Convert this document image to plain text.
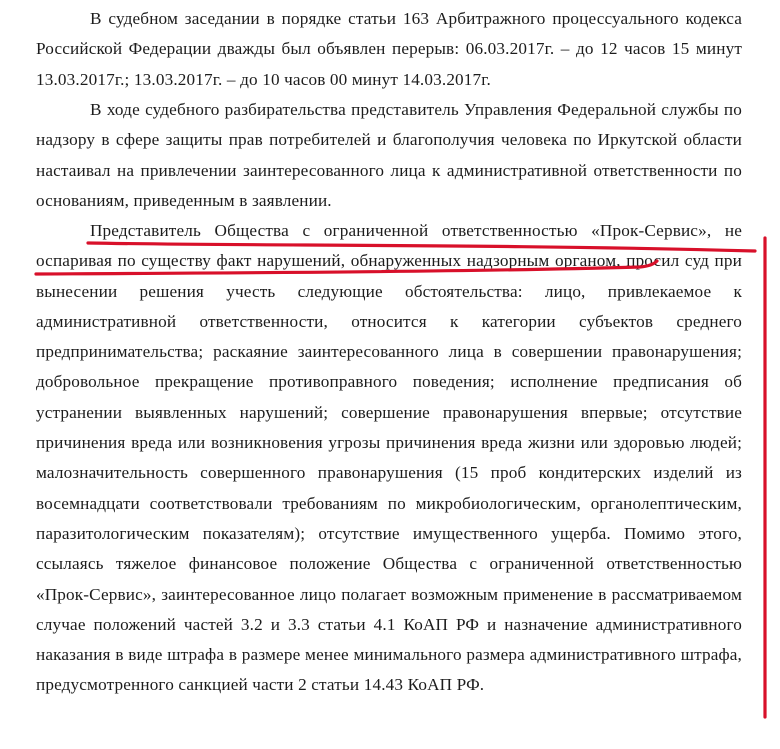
В судебном заседании в порядке статьи 163 Арбитражного процессуального кодекса Российской Федерации дважды был объявлен перерыв: 06.03.2017г. – до 12 часов 15 минут 13.03.2017г.; 13.03.2017г. – до 10 часов 00 минут 14.03.2017г.

В ходе судебного разбирательства представитель Управления Федеральной службы по надзору в сфере защиты прав потребителей и благополучия человека по Иркутской области настаивал на привлечении заинтересованного лица к административной ответственности по основаниям, приведенным в заявлении.

Представитель Общества с ограниченной ответственностью «Прок-Сервис», не оспаривая по существу факт нарушений, обнаруженных надзорным органом, просил суд при вынесении решения учесть следующие обстоятельства: лицо, привлекаемое к административной ответственности, относится к категории субъектов среднего предпринимательства; раскаяние заинтересованного лица в совершении правонарушения; добровольное прекращение противоправного поведения; исполнение предписания об устранении выявленных нарушений; совершение правонарушения впервые; отсутствие причинения вреда или возникновения угрозы причинения вреда жизни или здоровью людей; малозначительность совершенного правонарушения (15 проб кондитерских изделий из восемнадцати соответствовали требованиям по микробиологическим, органолептическим, паразитологическим показателям); отсутствие имущественного ущерба. Помимо этого, ссылаясь тяжелое финансовое положение Общества с ограниченной ответственностью «Прок-Сервис», заинтересованное лицо полагает возможным применение в рассматриваемом случае положений частей 3.2 и 3.3 статьи 4.1 КоАП РФ и назначение административного наказания в виде штрафа в размере менее минимального размера административного штрафа, предусмотренного санкцией части 2 статьи 14.43 КоАП РФ.
